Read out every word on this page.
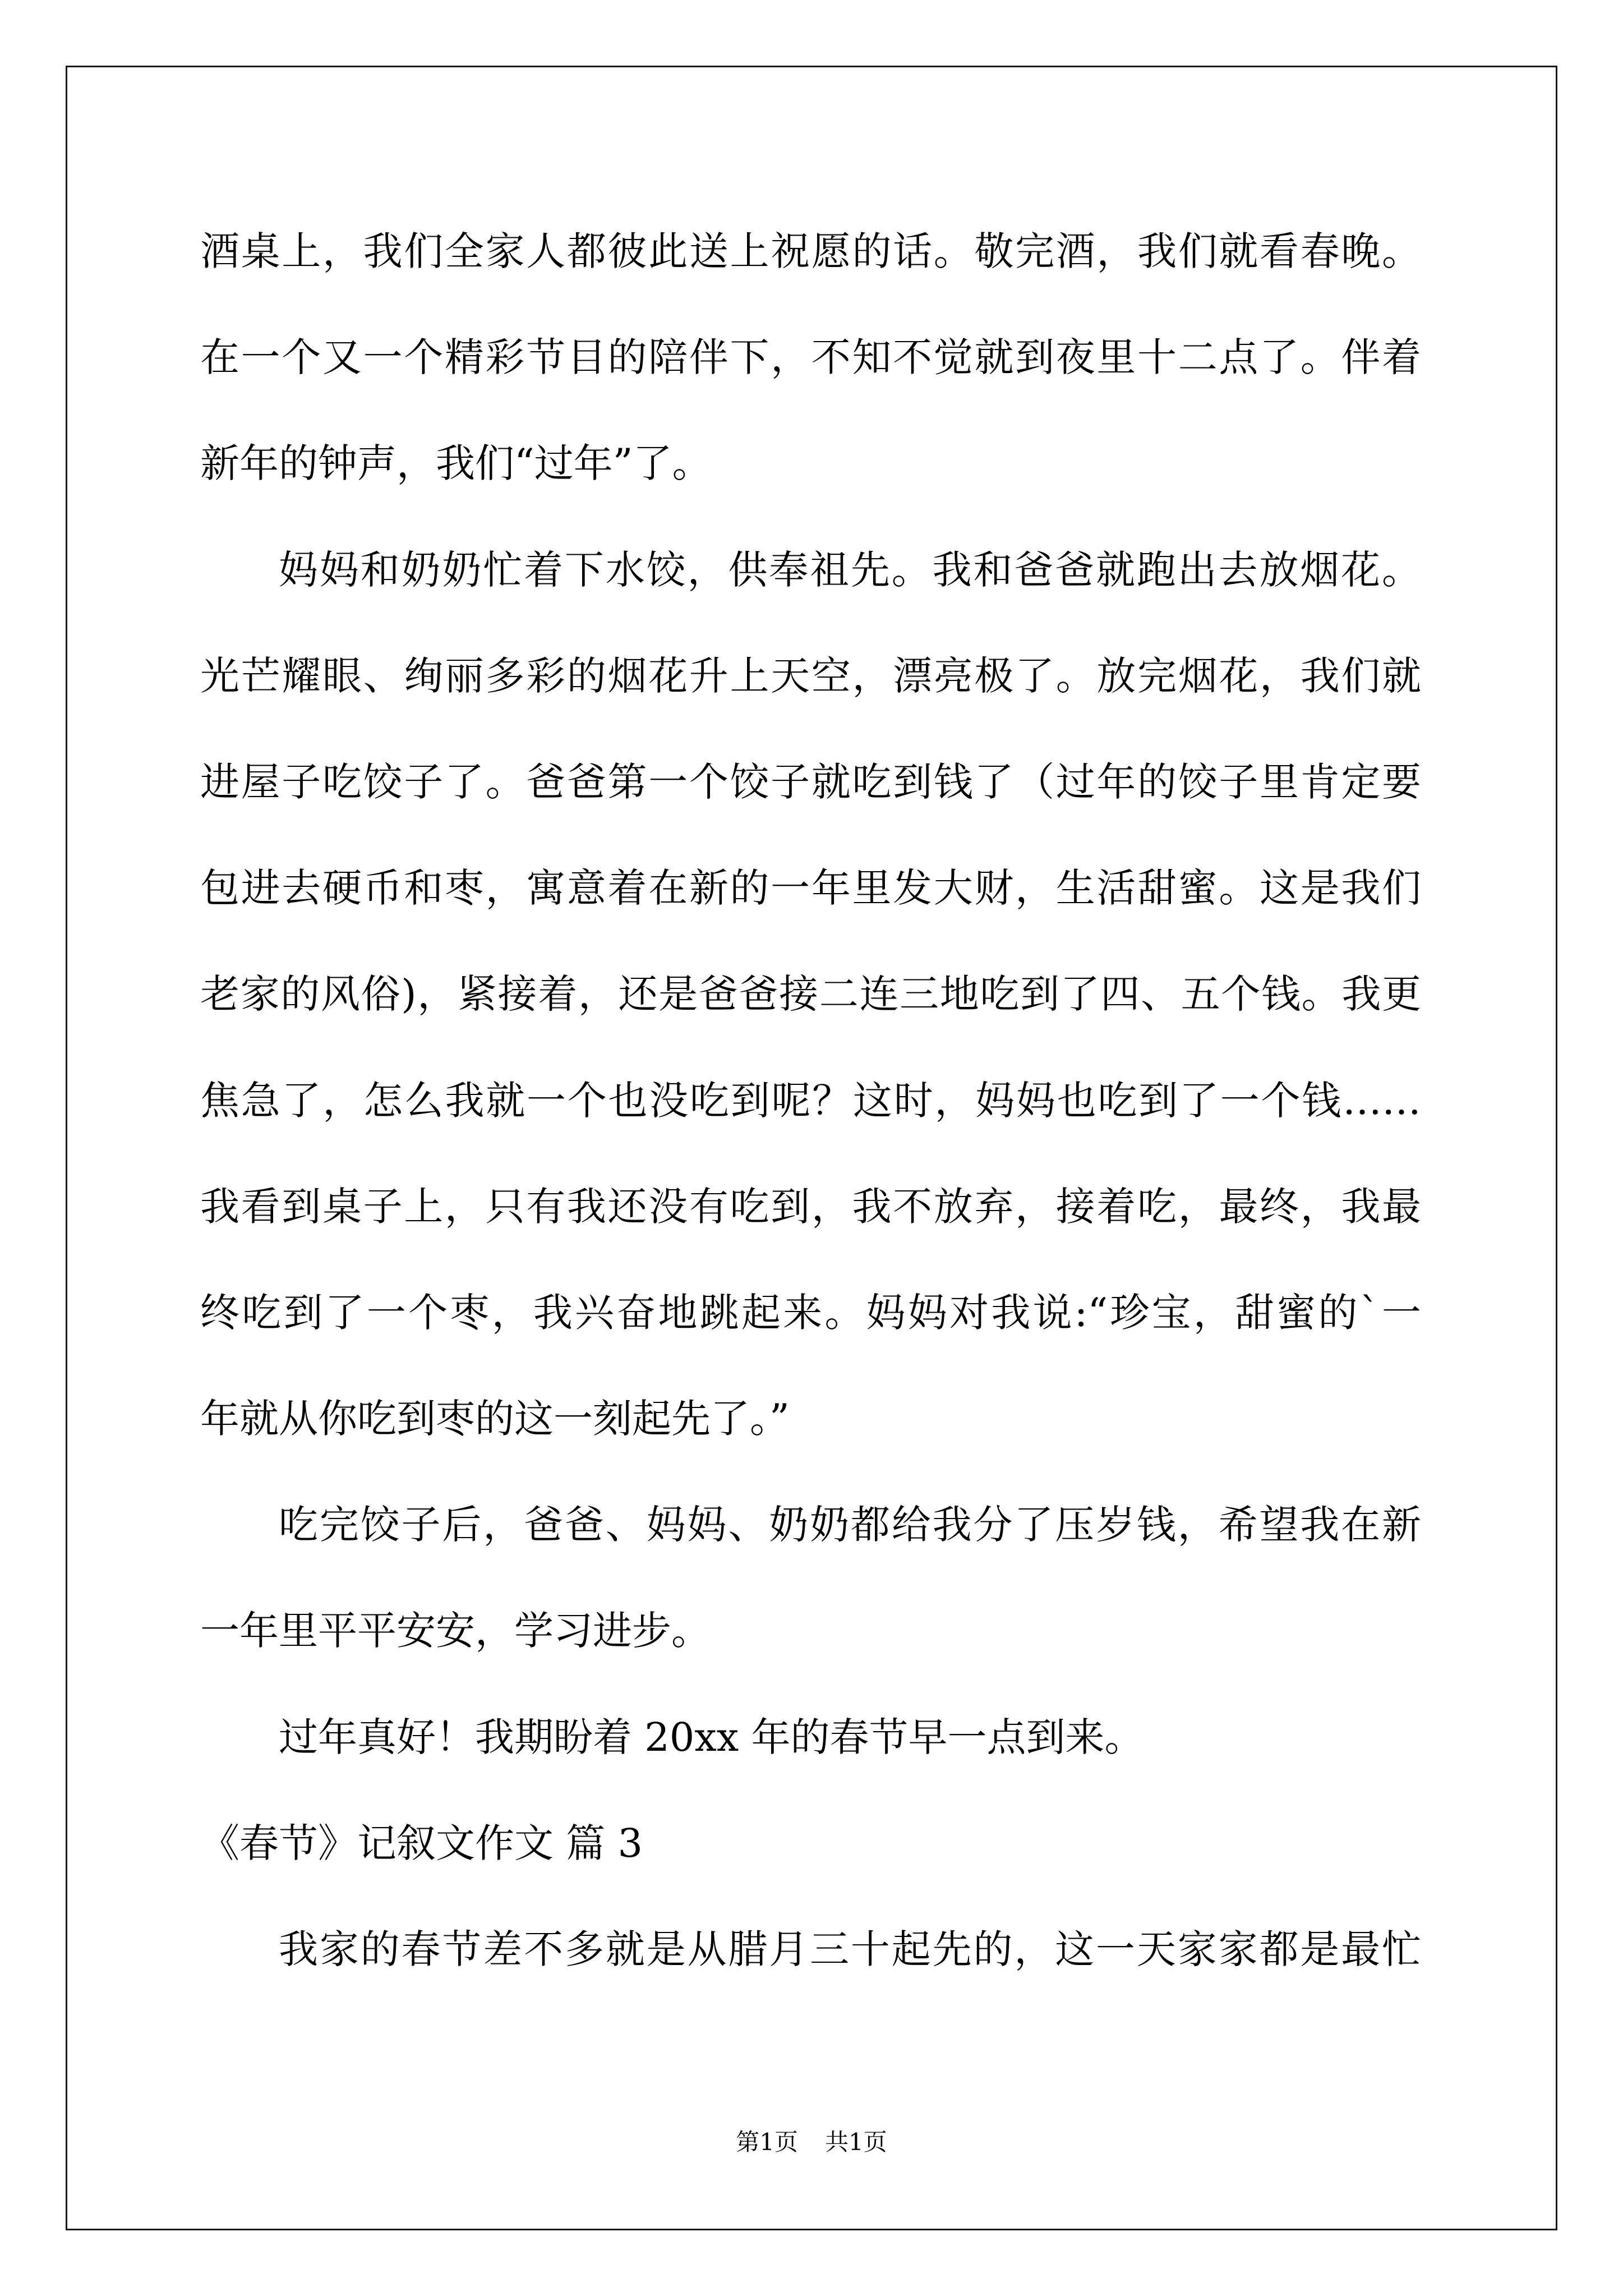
酒桌上，我们全家人都彼此送上祝愿的话。敬完酒，我们就看春晚。
在一个又一个精彩节目的陪伴下，不知不觉就到夜里十二点了。伴着
新年的钟声，我们“过年”了。
妈妈和奶奶忙着下水饺，供奉祖先。我和爸爸就跑出去放烟花。
光芒耀眼、绚丽多彩的烟花升上天空，漂亮极了。放完烟花，我们就
进屋子吃饺子了。爸爸第一个饺子就吃到钱了（过年的饺子里肯定要
包进去硬币和枣，寓意着在新的一年里发大财，生活甜蜜。这是我们
老家的风俗)，紧接着，还是爸爸接二连三地吃到了四、五个钱。我更
焦急了，怎么我就一个也没吃到呢？这时，妈妈也吃到了一个钱……
我看到桌子上，只有我还没有吃到，我不放弃，接着吃，最终，我最
终吃到了一个枣，我兴奋地跳起来。妈妈对我说:“珍宝，甜蜜的`一
年就从你吃到枣的这一刻起先了。”
吃完饺子后，爸爸、妈妈、奶奶都给我分了压岁钱，希望我在新
一年里平平安安，学习进步。
过年真好！我期盼着 20xx 年的春节早一点到来。
《春节》记叙文作文 篇 3
我家的春节差不多就是从腊月三十起先的，这一天家家都是最忙
第1页 共1页
